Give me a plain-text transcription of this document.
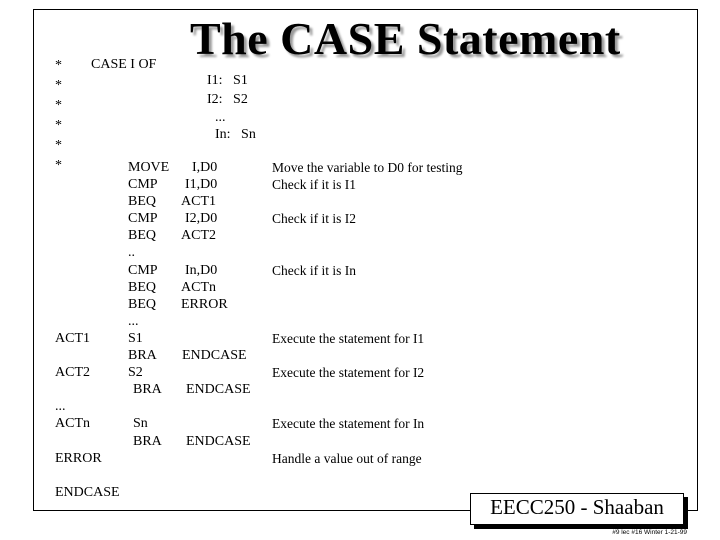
The CASE Statement
*
*
*
*
*
*
CASE I OF
I1:   S1
I2:   S2
...
In:   Sn
ACT1
ACT2
...
ACTn
ERROR
ENDCASE
MOVE
CMP
BEQ
CMP
BEQ
..
CMP
BEQ
BEQ
...
S1
BRA
S2
BRA
Sn
BRA
I,D0
I1,D0
ACT1
I2,D0
ACT2
In,D0
ACTn
ERROR
ENDCASE
ENDCASE
ENDCASE
Move the variable to D0 for testing
Check if it is I1
Check if it is I2
Check if it is In
Execute the statement for I1
Execute the statement for I2
Execute the statement for In
Handle a value out of range
EECC250 - Shaaban
#9 lec #16 Winter 1-21-99
